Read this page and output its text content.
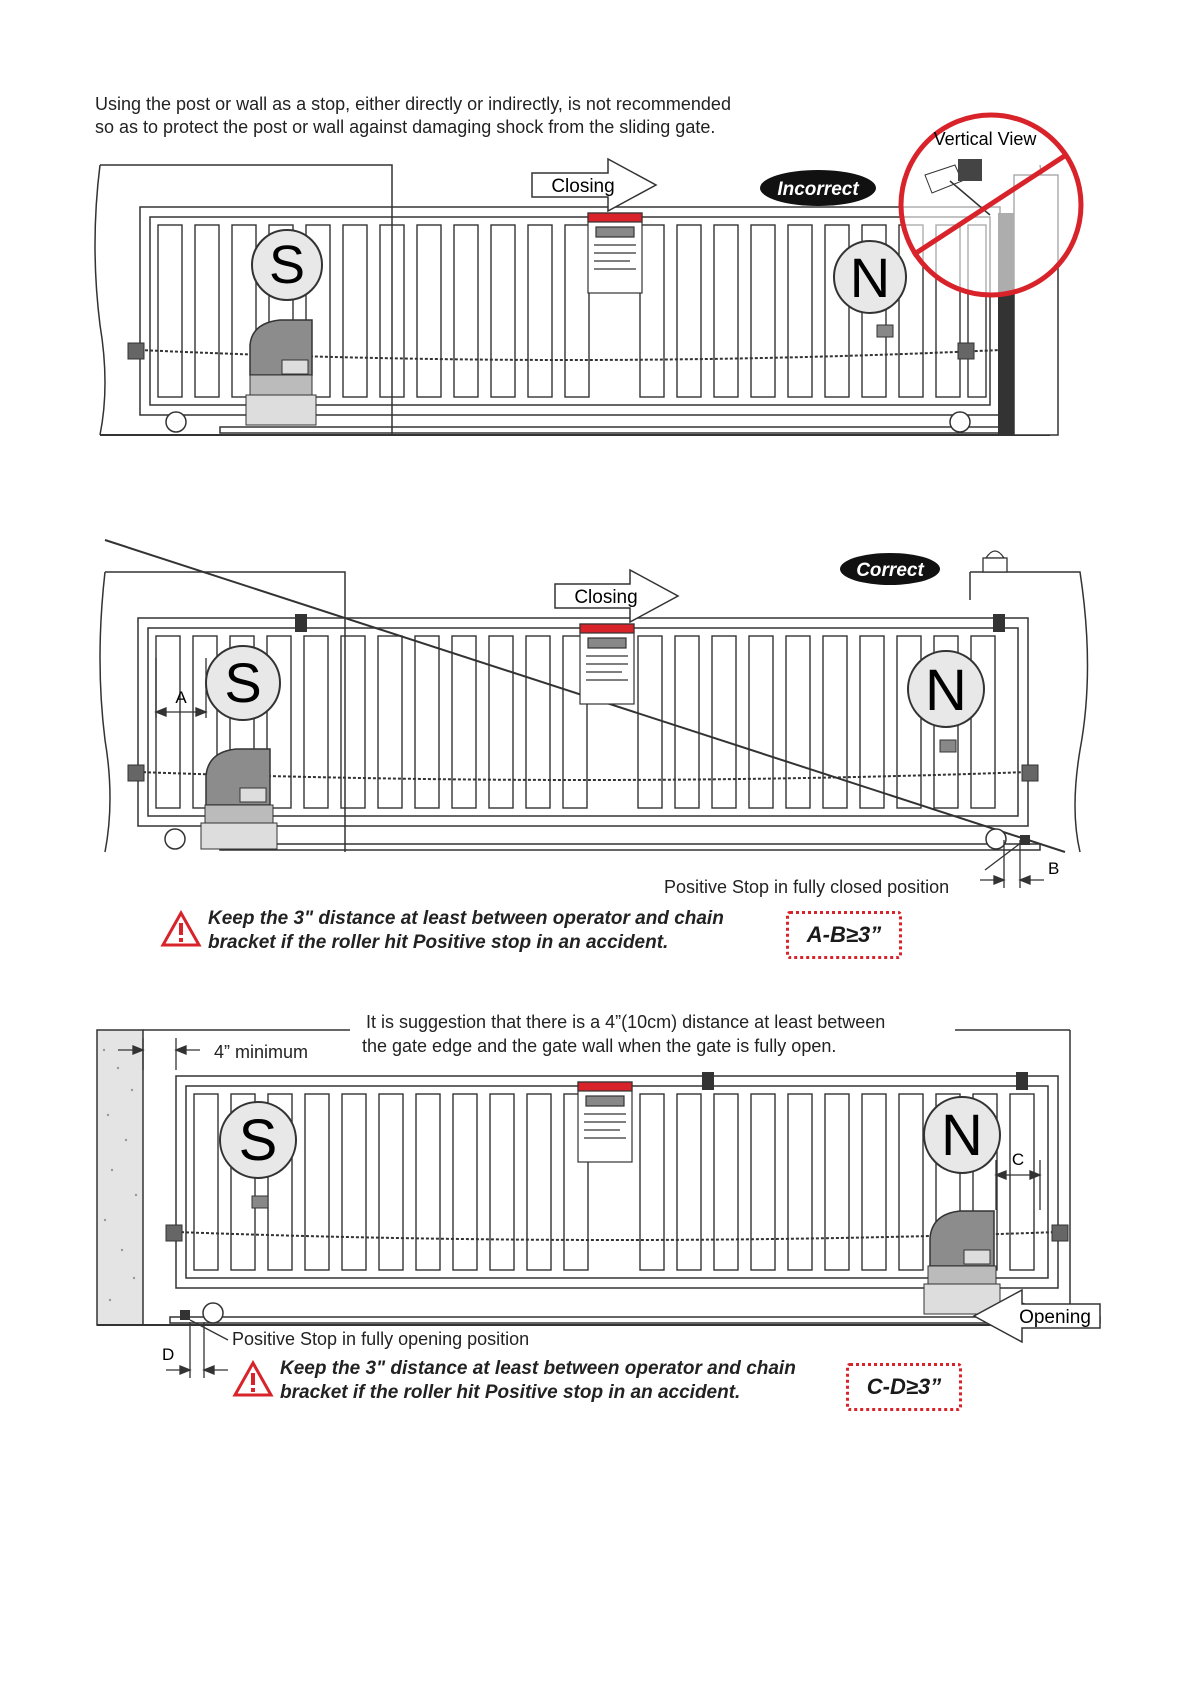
Using the post or wall as a stop, either directly or indirectly, is not recommended
so as to protect the post or wall against damaging shock from the sliding gate.
S	N
Closing	Incorrect
Vertical View
S	N
A
B
Closing
Correct
Positive Stop in fully closed position
Keep the 3" distance at least between operator and chain
bracket if the roller hit Positive stop in an accident.	A-B≥3”
S	N C
D
Opening
4” minimum
It is suggestion that there is a 4”(10cm) distance at least between
the gate edge and the gate wall when the gate is fully open.
Positive Stop in fully opening position
Keep the 3" distance at least between operator and chain
bracket if the roller hit Positive stop in an accident.	C-D≥3”
